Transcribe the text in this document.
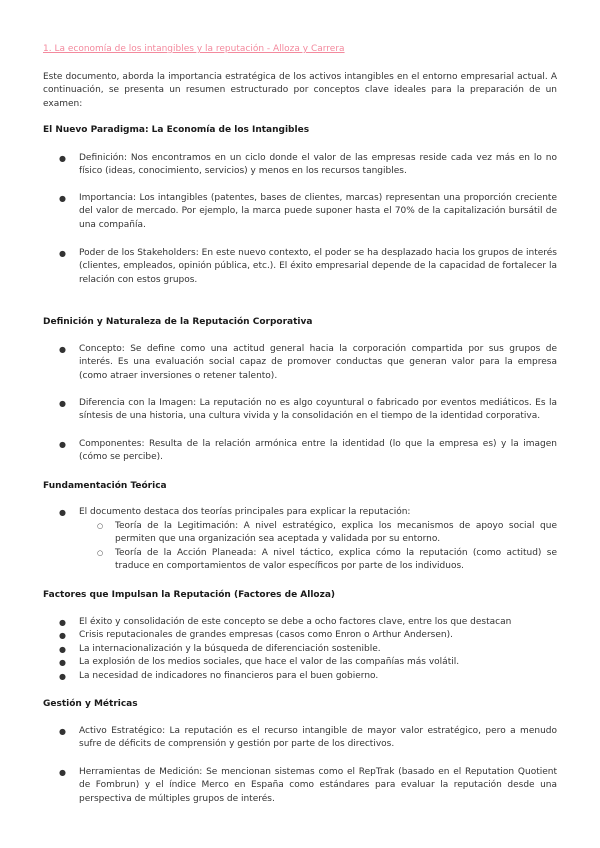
1. La economía de los intangibles y la reputación - Alloza y Carrera
Este documento, aborda la importancia estratégica de los activos intangibles en el entorno empresarial actual. A continuación, se presenta un resumen estructurado por conceptos clave ideales para la preparación de un examen:
El Nuevo Paradigma: La Economía de los Intangibles
● Definición: Nos encontramos en un ciclo donde el valor de las empresas reside cada vez más en lo no físico (ideas, conocimiento, servicios) y menos en los recursos tangibles.
● Importancia: Los intangibles (patentes, bases de clientes, marcas) representan una proporción creciente del valor de mercado. Por ejemplo, la marca puede suponer hasta el 70% de la capitalización bursátil de una compañía.
● Poder de los Stakeholders: En este nuevo contexto, el poder se ha desplazado hacia los grupos de interés (clientes, empleados, opinión pública, etc.). El éxito empresarial depende de la capacidad de fortalecer la relación con estos grupos.
Definición y Naturaleza de la Reputación Corporativa
● Concepto: Se define como una actitud general hacia la corporación compartida por sus grupos de interés. Es una evaluación social capaz de promover conductas que generan valor para la empresa (como atraer inversiones o retener talento).
● Diferencia con la Imagen: La reputación no es algo coyuntural o fabricado por eventos mediáticos. Es la síntesis de una historia, una cultura vivida y la consolidación en el tiempo de la identidad corporativa.
● Componentes: Resulta de la relación armónica entre la identidad (lo que la empresa es) y la imagen (cómo se percibe).
Fundamentación Teórica
● El documento destaca dos teorías principales para explicar la reputación:
○ Teoría de la Legitimación: A nivel estratégico, explica los mecanismos de apoyo social que permiten que una organización sea aceptada y validada por su entorno.
○ Teoría de la Acción Planeada: A nivel táctico, explica cómo la reputación (como actitud) se traduce en comportamientos de valor específicos por parte de los individuos.
Factores que Impulsan la Reputación (Factores de Alloza)
● El éxito y consolidación de este concepto se debe a ocho factores clave, entre los que destacan
● Crisis reputacionales de grandes empresas (casos como Enron o Arthur Andersen).
● La internacionalización y la búsqueda de diferenciación sostenible.
● La explosión de los medios sociales, que hace el valor de las compañías más volátil.
● La necesidad de indicadores no financieros para el buen gobierno.
Gestión y Métricas
● Activo Estratégico: La reputación es el recurso intangible de mayor valor estratégico, pero a menudo sufre de déficits de comprensión y gestión por parte de los directivos.
● Herramientas de Medición: Se mencionan sistemas como el RepTrak (basado en el Reputation Quotient de Fombrun) y el índice Merco en España como estándares para evaluar la reputación desde una perspectiva de múltiples grupos de interés.
